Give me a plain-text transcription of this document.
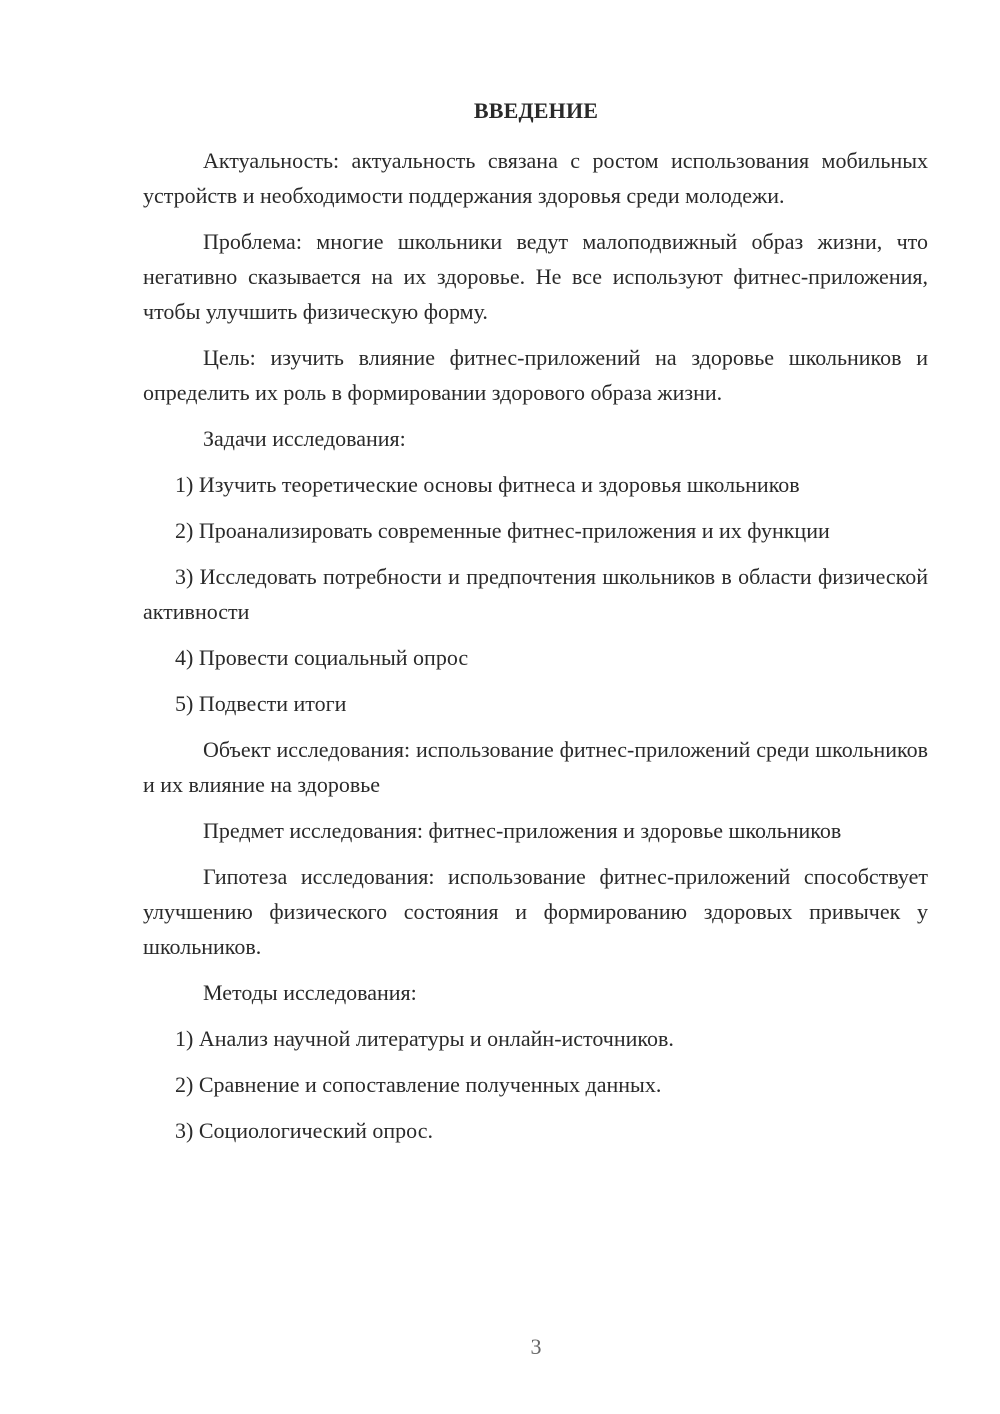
ВВЕДЕНИЕ

Актуальность: актуальность связана с ростом использования мобильных устройств и необходимости поддержания здоровья среди молодежи.

Проблема: многие школьники ведут малоподвижный образ жизни, что негативно сказывается на их здоровье. Не все используют фитнес-приложения, чтобы улучшить физическую форму.

Цель: изучить влияние фитнес-приложений на здоровье школьников и определить их роль в формировании здорового образа жизни.

Задачи исследования:

1) Изучить теоретические основы фитнеса и здоровья школьников

2) Проанализировать современные фитнес-приложения и их функции

3) Исследовать потребности и предпочтения школьников в области физической активности

4) Провести социальный опрос

5) Подвести итоги

Объект исследования: использование фитнес-приложений среди школьников и их влияние на здоровье

Предмет исследования: фитнес-приложения и здоровье школьников

Гипотеза исследования: использование фитнес-приложений способствует улучшению физического состояния и формированию здоровых привычек у школьников.

Методы исследования:

1) Анализ научной литературы и онлайн-источников.

2) Сравнение и сопоставление полученных данных.

3) Социологический опрос.

3
